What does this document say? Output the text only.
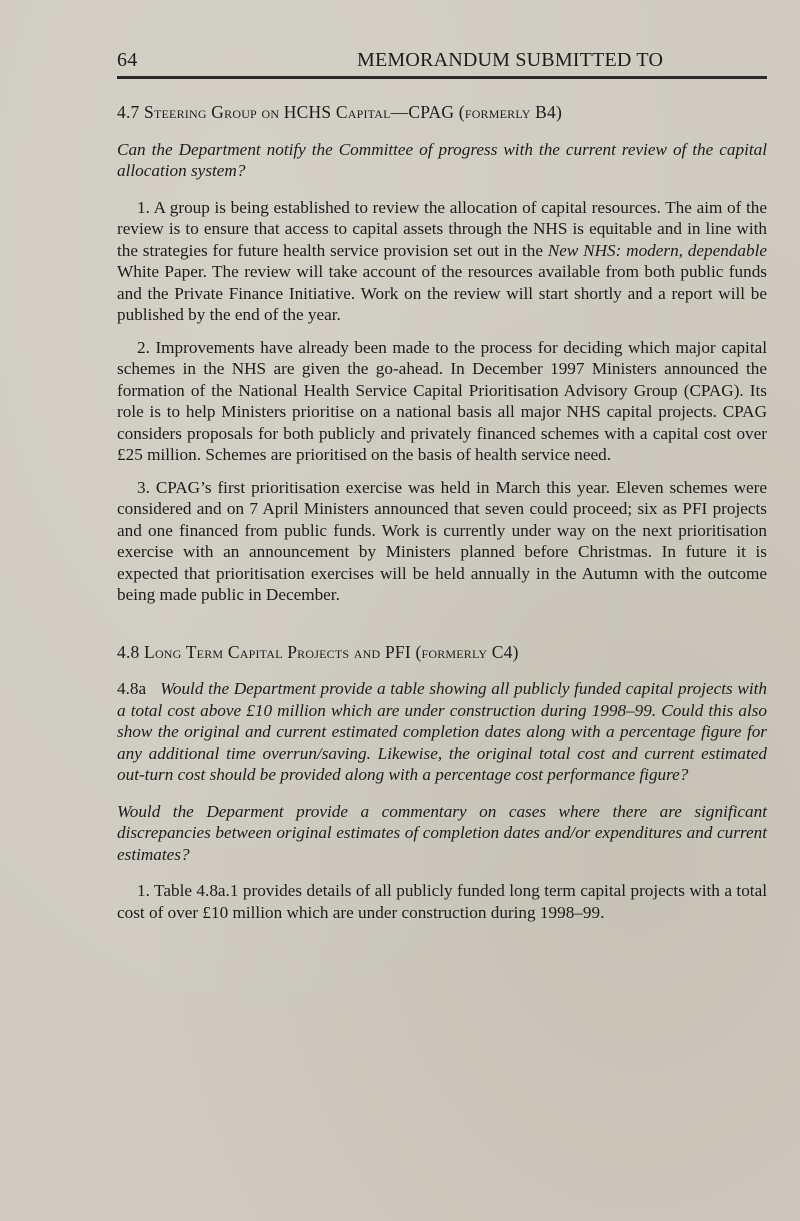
64	MEMORANDUM SUBMITTED TO
4.7 Steering Group on HCHS Capital—CPAG (formerly B4)

Can the Department notify the Committee of progress with the current review of the capital allocation system?

1. A group is being established to review the allocation of capital resources. The aim of the review is to ensure that access to capital assets through the NHS is equitable and in line with the strategies for future health service provision set out in the New NHS: modern, dependable White Paper. The review will take account of the resources available from both public funds and the Private Finance Initiative. Work on the review will start shortly and a report will be published by the end of the year.

2. Improvements have already been made to the process for deciding which major capital schemes in the NHS are given the go-ahead. In December 1997 Ministers announced the formation of the National Health Service Capital Prioritisation Advisory Group (CPAG). Its role is to help Ministers prioritise on a national basis all major NHS capital projects. CPAG considers proposals for both publicly and privately financed schemes with a capital cost over £25 million. Schemes are prioritised on the basis of health service need.

3. CPAG’s first prioritisation exercise was held in March this year. Eleven schemes were considered and on 7 April Ministers announced that seven could proceed; six as PFI projects and one financed from public funds. Work is currently under way on the next prioritisation exercise with an announcement by Ministers planned before Christmas. In future it is expected that prioritisation exercises will be held annually in the Autumn with the outcome being made public in December.

4.8 Long Term Capital Projects and PFI (formerly C4)

4.8a Would the Department provide a table showing all publicly funded capital projects with a total cost above £10 million which are under construction during 1998–99. Could this also show the original and current estimated completion dates along with a percentage figure for any additional time overrun/saving. Likewise, the original total cost and current estimated out-turn cost should be provided along with a percentage cost performance figure?

Would the Deparment provide a commentary on cases where there are significant discrepancies between original estimates of completion dates and/or expenditures and current estimates?

1. Table 4.8a.1 provides details of all publicly funded long term capital projects with a total cost of over £10 million which are under construction during 1998–99.
